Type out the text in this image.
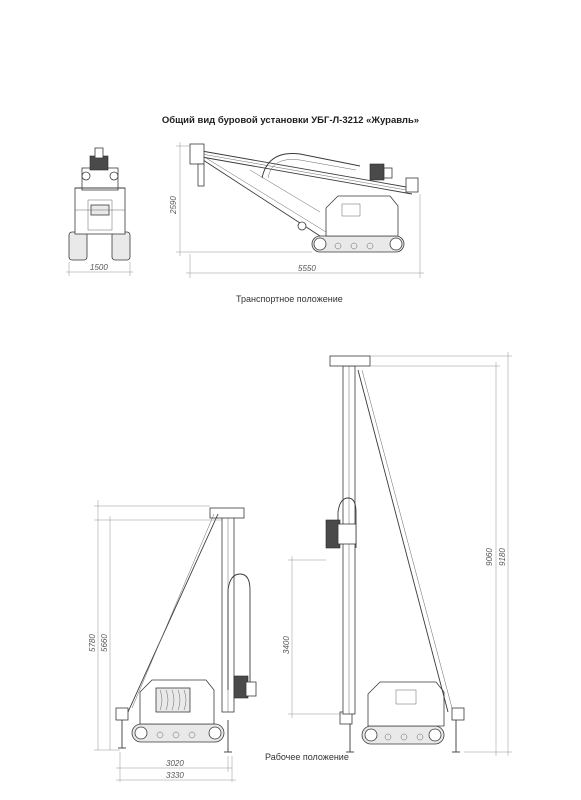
Общий вид буровой установки УБГ-Л-3212 «Журавль»
Транспортное положение
Рабочее положение
1500
2590
5550
5780 5660
3020
3330
3400
9060 9180
